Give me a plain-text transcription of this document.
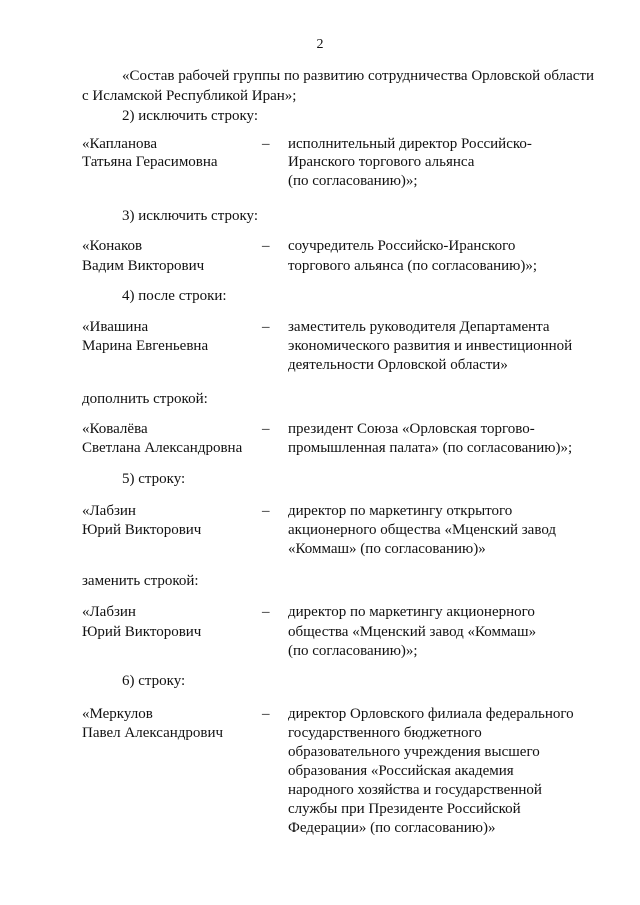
2
«Состав рабочей группы по развитию сотрудничества Орловской области
с Исламской Республикой Иран»;
2) исключить строку:
«Капланова
Татьяна Герасимовна
– исполнительный директор Российско-
Иранского торгового альянса
(по согласованию)»;
3) исключить строку:
«Конаков
Вадим Викторович
– соучредитель Российско-Иранского
торгового альянса (по согласованию)»;
4) после строки:
«Ивашина
Марина Евгеньевна
– заместитель руководителя Департамента
экономического развития и инвестиционной
деятельности Орловской области»
дополнить строкой:
«Ковалёва
Светлана Александровна
– президент Союза «Орловская торгово-
промышленная палата» (по согласованию)»;
5) строку:
«Лабзин
Юрий Викторович
– директор по маркетингу открытого
акционерного общества «Мценский завод
«Коммаш» (по согласованию)»
заменить строкой:
«Лабзин
Юрий Викторович
– директор по маркетингу акционерного
общества «Мценский завод «Коммаш»
(по согласованию)»;
6) строку:
«Меркулов
Павел Александрович
– директор Орловского филиала федерального
государственного бюджетного
образовательного учреждения высшего
образования «Российская академия
народного хозяйства и государственной
службы при Президенте Российской
Федерации» (по согласованию)»
